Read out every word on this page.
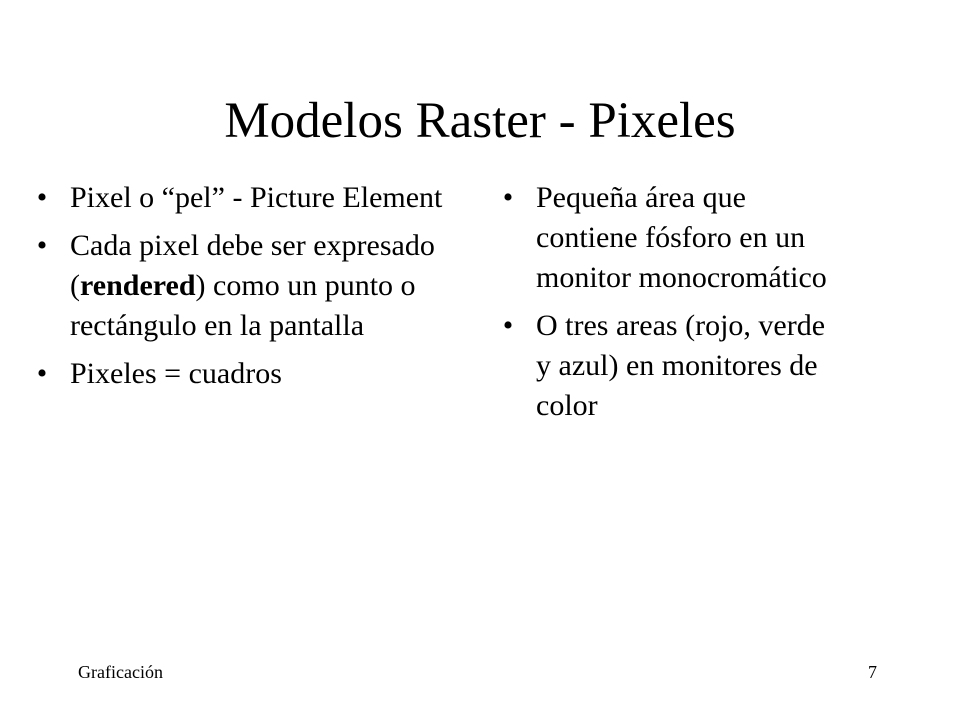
Modelos Raster - Pixeles
• Pixel o “pel” - Picture Element
• Cada pixel debe ser expresado (rendered) como un punto o rectángulo en la pantalla
• Pixeles = cuadros
• Pequeña área que contiene fósforo en un monitor monocromático
• O tres areas (rojo, verde y azul) en monitores de color
Graficación	7
